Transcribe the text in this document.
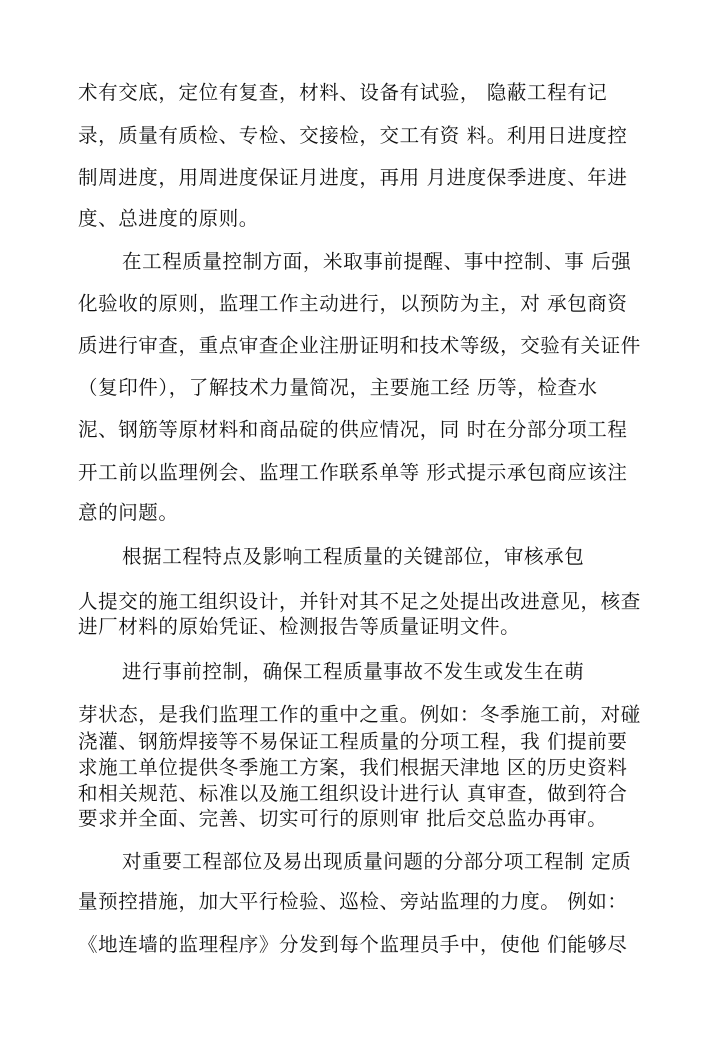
术有交底，定位有复查，材料、设备有试验， 隐蔽工程有记
录，质量有质检、专检、交接检，交工有资 料。利用日进度控
制周进度，用周进度保证月进度，再用 月进度保季进度、年进
度、总进度的原则。
在工程质量控制方面，米取事前提醒、事中控制、事 后强
化验收的原则，监理工作主动进行，以预防为主，对 承包商资
质进行审查，重点审查企业注册证明和技术等级，交验有关证件
（复印件），了解技术力量简况，主要施工经 历等，检查水
泥、钢筋等原材料和商品碇的供应情况，同 时在分部分项工程
开工前以监理例会、监理工作联系单等 形式提示承包商应该注
意的问题。
根据工程特点及影响工程质量的关键部位，审核承包
人提交的施工组织设计，并针对其不足之处提出改进意见，核查
进厂材料的原始凭证、检测报告等质量证明文件。
进行事前控制，确保工程质量事故不发生或发生在萌
芽状态，是我们监理工作的重中之重。例如：冬季施工前，对碰
浇灌、钢筋焊接等不易保证工程质量的分项工程，我 们提前要
求施工单位提供冬季施工方案，我们根据天津地 区的历史资料
和相关规范、标准以及施工组织设计进行认 真审查，做到符合
要求并全面、完善、切实可行的原则审 批后交总监办再审。
对重要工程部位及易出现质量问题的分部分项工程制 定质
量预控措施，加大平行检验、巡检、旁站监理的力度。 例如：
《地连墙的监理程序》分发到每个监理员手中，使他 们能够尽
